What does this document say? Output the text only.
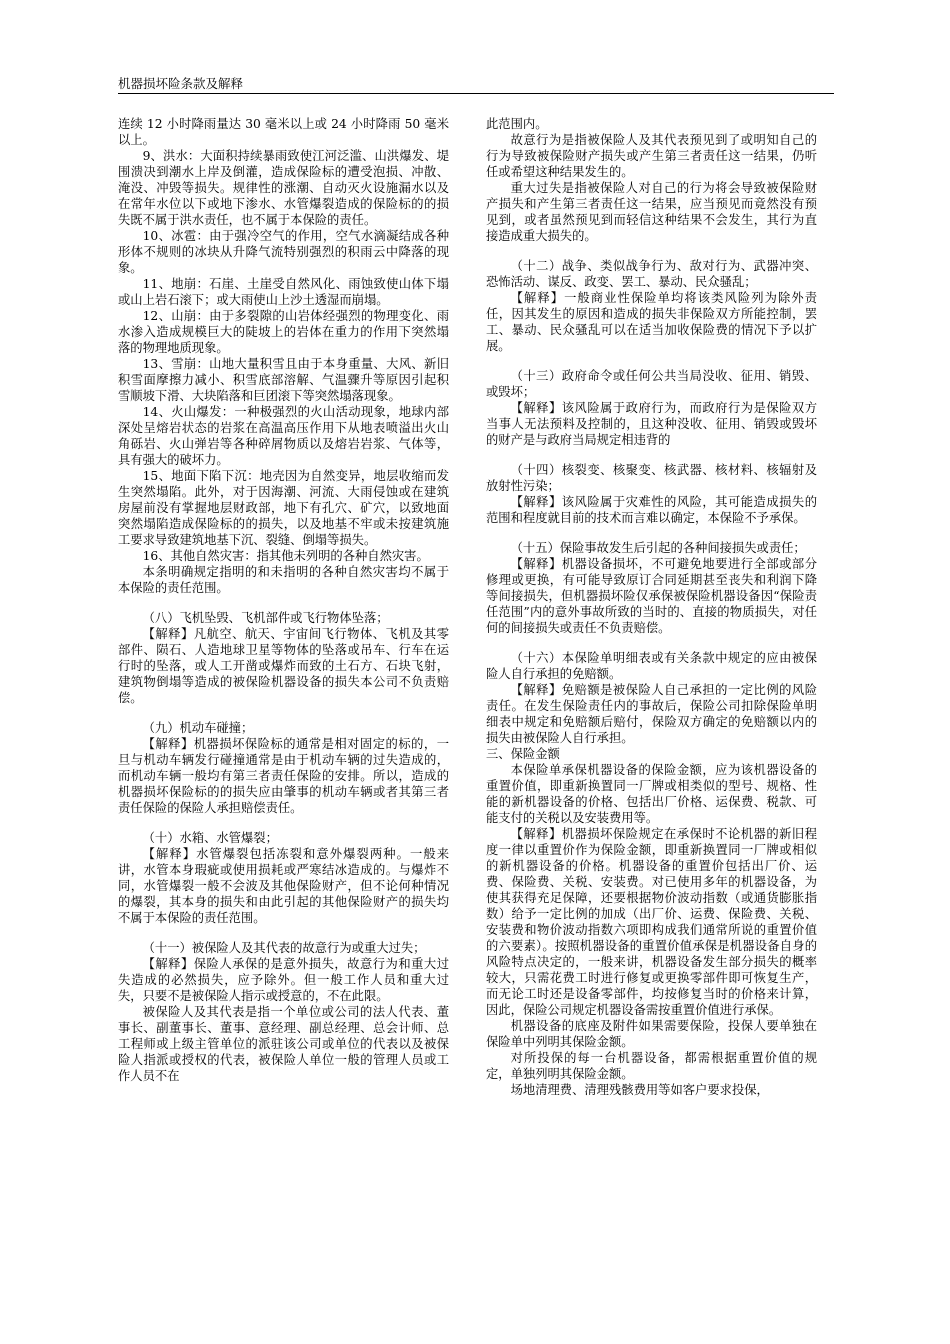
机器损坏险条款及解释

连续 12 小时降雨量达 30 毫米以上或 24 小时降雨 50 毫米以上。

9、洪水：大面积持续暴雨致使江河泛滥、山洪爆发、堤围溃决到潮水上岸及倒灌，造成保险标的遭受泡损、冲散、淹没、冲毁等损失。规律性的涨潮、自动灭火设施漏水以及在常年水位以下或地下渗水、水管爆裂造成的保险标的的损失既不属于洪水责任，也不属于本保险的责任。

10、冰雹：由于强冷空气的作用，空气水滴凝结成各种形体不规则的冰块从升降气流特别强烈的积雨云中降落的现象。

11、地崩：石崖、土崖受自然风化、雨蚀致使山体下塌或山上岩石滚下；或大雨使山上沙土透湿而崩塌。

12、山崩：由于多裂隙的山岩体经强烈的物理变化、雨水渗入造成规模巨大的陡坡上的岩体在重力的作用下突然塌落的物理地质现象。

13、雪崩：山地大量积雪且由于本身重量、大风、新旧积雪面摩擦力减小、积雪底部溶解、气温骤升等原因引起积雪顺坡下滑、大块陷落和巨团滚下等突然塌落现象。

14、火山爆发：一种极强烈的火山活动现象，地球内部深处呈熔岩状态的岩浆在高温高压作用下从地表喷溢出火山角砾岩、火山弹岩等各种碎屑物质以及熔岩岩浆、气体等，具有强大的破坏力。

15、地面下陷下沉：地壳因为自然变异，地层收缩而发生突然塌陷。此外，对于因海潮、河流、大雨侵蚀或在建筑房屋前没有掌握地层财政部，地下有孔穴、矿穴，以致地面突然塌陷造成保险标的的损失，以及地基不牢或未按建筑施工要求导致建筑地基下沉、裂缝、倒塌等损失。

16、其他自然灾害：指其他未列明的各种自然灾害。

本条明确规定指明的和未指明的各种自然灾害均不属于本保险的责任范围。

（八）飞机坠毁、飞机部件或飞行物体坠落；

【解释】凡航空、航天、宇宙间飞行物体、飞机及其零部件、陨石、人造地球卫星等物体的坠落或吊车、行车在运行时的坠落，或人工开凿或爆炸而致的土石方、石块飞射，建筑物倒塌等造成的被保险机器设备的损失本公司不负责赔偿。

（九）机动车碰撞；

【解释】机器损坏保险标的通常是相对固定的标的，一旦与机动车辆发行碰撞通常是由于机动车辆的过失造成的，而机动车辆一般均有第三者责任保险的安排。所以，造成的机器损坏保险标的的损失应由肇事的机动车辆或者其第三者责任保险的保险人承担赔偿责任。

（十）水箱、水管爆裂；

【解释】水管爆裂包括冻裂和意外爆裂两种。一般来讲，水管本身瑕疵或使用损耗或严寒结冰造成的。与爆炸不同，水管爆裂一般不会波及其他保险财产，但不论何种情况的爆裂，其本身的损失和由此引起的其他保险财产的损失均不属于本保险的责任范围。

（十一）被保险人及其代表的故意行为或重大过失；

【解释】保险人承保的是意外损失，故意行为和重大过失造成的必然损失，应予除外。但一般工作人员和重大过失，只要不是被保险人指示或授意的，不在此限。

被保险人及其代表是指一个单位或公司的法人代表、董事长、副董事长、董事、意经理、副总经理、总会计师、总工程师或上级主管单位的派驻该公司或单位的代表以及被保险人指派或授权的代表，被保险人单位一般的管理人员或工作人员不在

此范围内。

故意行为是指被保险人及其代表预见到了或明知自己的行为导致被保险财产损失或产生第三者责任这一结果，仍听任或希望这种结果发生的。

重大过失是指被保险人对自己的行为将会导致被保险财产损失和产生第三者责任这一结果，应当预见而竟然没有预见到，或者虽然预见到而轻信这种结果不会发生，其行为直接造成重大损失的。

（十二）战争、类似战争行为、敌对行为、武器冲突、恐怖活动、谋反、政变、罢工、暴动、民众骚乱；

【解释】一般商业性保险单均将该类风险列为除外责任，因其发生的原因和造成的损失非保险双方所能控制，罢工、暴动、民众骚乱可以在适当加收保险费的情况下予以扩展。

（十三）政府命令或任何公共当局没收、征用、销毁、或毁坏；

【解释】该风险属于政府行为，而政府行为是保险双方当事人无法预料及控制的，且这种没收、征用、销毁或毁坏的财产是与政府当局规定相违背的

（十四）核裂变、核聚变、核武器、核材料、核辐射及放射性污染；

【解释】该风险属于灾难性的风险，其可能造成损失的范围和程度就目前的技术而言难以确定，本保险不予承保。

（十五）保险事故发生后引起的各种间接损失或责任；

【解释】机器设备损坏，不可避免地要进行全部或部分修理或更换，有可能导致原订合同延期甚至丧失和利润下降等间接损失，但机器损坏险仅承保被保险机器设备因“保险责任范围”内的意外事故所致的当时的、直接的物质损失，对任何的间接损失或责任不负责赔偿。

（十六）本保险单明细表或有关条款中规定的应由被保险人自行承担的免赔额。

【解释】免赔额是被保险人自己承担的一定比例的风险责任。在发生保险责任内的事故后，保险公司扣除保险单明细表中规定和免赔额后赔付，保险双方确定的免赔额以内的损失由被保险人自行承担。

三、保险金额

本保险单承保机器设备的保险金额，应为该机器设备的重置价值，即重新换置同一厂牌或相类似的型号、规格、性能的新机器设备的价格、包括出厂价格、运保费、税款、可能支付的关税以及安装费用等。

【解释】机器损坏保险规定在承保时不论机器的新旧程度一律以重置价作为保险金额，即重新换置同一厂牌或相似的新机器设备的价格。机器设备的重置价包括出厂价、运费、保险费、关税、安装费。对已使用多年的机器设备，为使其获得充足保障，还要根据物价波动指数（或通货膨胀指数）给予一定比例的加成（出厂价、运费、保险费、关税、安装费和物价波动指数六项即构成我们通常所说的重置价值的六要素）。按照机器设备的重置价值承保是机器设备自身的风险特点决定的，一般来讲，机器设备发生部分损失的概率较大，只需花费工时进行修复或更换零部件即可恢复生产，而无论工时还是设备零部件，均按修复当时的价格来计算，因此，保险公司规定机器设备需按重置价值进行承保。

机器设备的底座及附件如果需要保险，投保人要单独在保险单中列明其保险金额。

对所投保的每一台机器设备，都需根据重置价值的规定，单独列明其保险金额。

场地清理费、清理残骸费用等如客户要求投保，
